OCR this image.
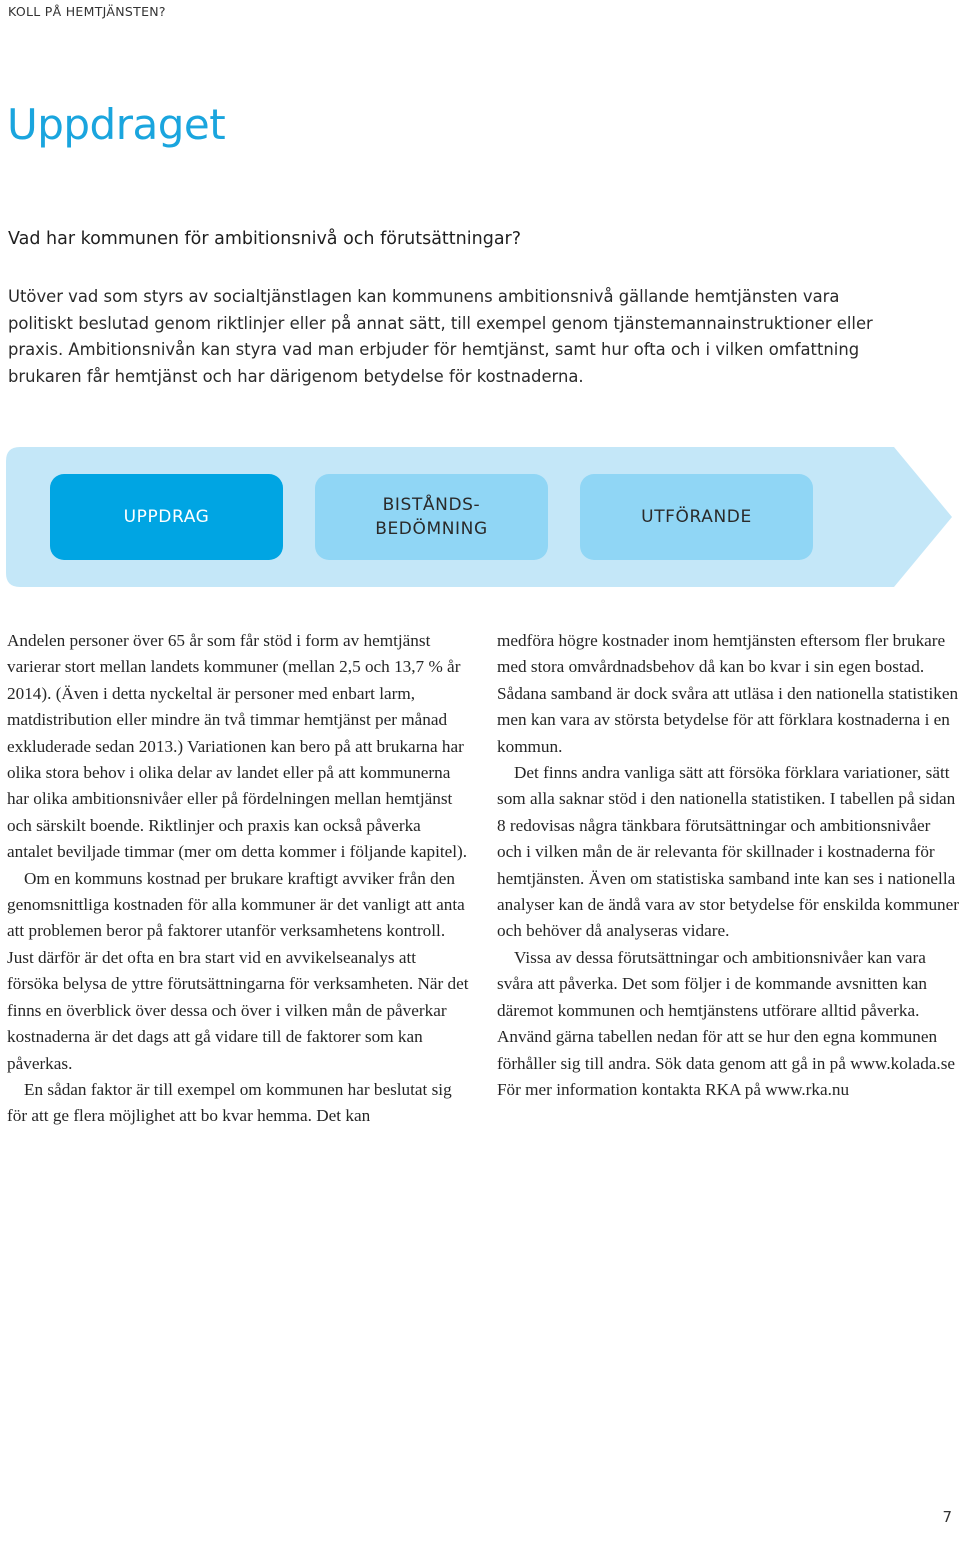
KOLL PÅ HEMTJÄNSTEN?
Uppdraget
Vad har kommunen för ambitionsnivå och förutsättningar?

Utöver vad som styrs av socialtjänstlagen kan kommunens ambitionsnivå gällande hemtjänsten vara politiskt beslutad genom riktlinjer eller på annat sätt, till exempel genom tjänstemannainstruktioner eller praxis. Ambitionsnivån kan styra vad man erbjuder för hemtjänst, samt hur ofta och i vilken omfattning brukaren får hemtjänst och har därigenom betydelse för kostnaderna.

UPPDRAG
BISTÅNDS-
BEDÖMNING
UTFÖRANDE

Andelen personer över 65 år som får stöd i form av hemtjänst varierar stort mellan landets kommuner (mellan 2,5 och 13,7 % år 2014). (Även i detta nyckeltal är personer med enbart larm, matdistribution eller mindre än två timmar hemtjänst per månad exkluderade sedan 2013.) Variationen kan bero på att brukarna har olika stora behov i olika delar av landet eller på att kommunerna har olika ambitionsnivåer eller på fördelningen mellan hemtjänst och särskilt boende. Riktlinjer och praxis kan också påverka antalet beviljade timmar (mer om detta kommer i följande kapitel).

Om en kommuns kostnad per brukare kraftigt avviker från den genomsnittliga kostnaden för alla kommuner är det vanligt att anta att problemen beror på faktorer utanför verksamhetens kontroll. Just därför är det ofta en bra start vid en avvikelseanalys att försöka belysa de yttre förutsättningarna för verksamheten. När det finns en överblick över dessa och över i vilken mån de påverkar kostnaderna är det dags att gå vidare till de faktorer som kan påverkas.

En sådan faktor är till exempel om kommunen har beslutat sig för att ge flera möjlighet att bo kvar hemma. Det kan

medföra högre kostnader inom hemtjänsten eftersom fler brukare med stora omvårdnadsbehov då kan bo kvar i sin egen bostad. Sådana samband är dock svåra att utläsa i den nationella statistiken men kan vara av största betydelse för att förklara kostnaderna i en kommun.

Det finns andra vanliga sätt att försöka förklara variationer, sätt som alla saknar stöd i den nationella statistiken. I tabellen på sidan 8 redovisas några tänkbara förutsättningar och ambitionsnivåer och i vilken mån de är relevanta för skillnader i kostnaderna för hemtjänsten. Även om statistiska samband inte kan ses i nationella analyser kan de ändå vara av stor betydelse för enskilda kommuner och behöver då analyseras vidare.

Vissa av dessa förutsättningar och ambitionsnivåer kan vara svåra att påverka. Det som följer i de kommande avsnitten kan däremot kommunen och hemtjänstens utförare alltid påverka. Använd gärna tabellen nedan för att se hur den egna kommunen förhåller sig till andra. Sök data genom att gå in på www.kolada.se För mer information kontakta RKA på www.rka.nu

7
